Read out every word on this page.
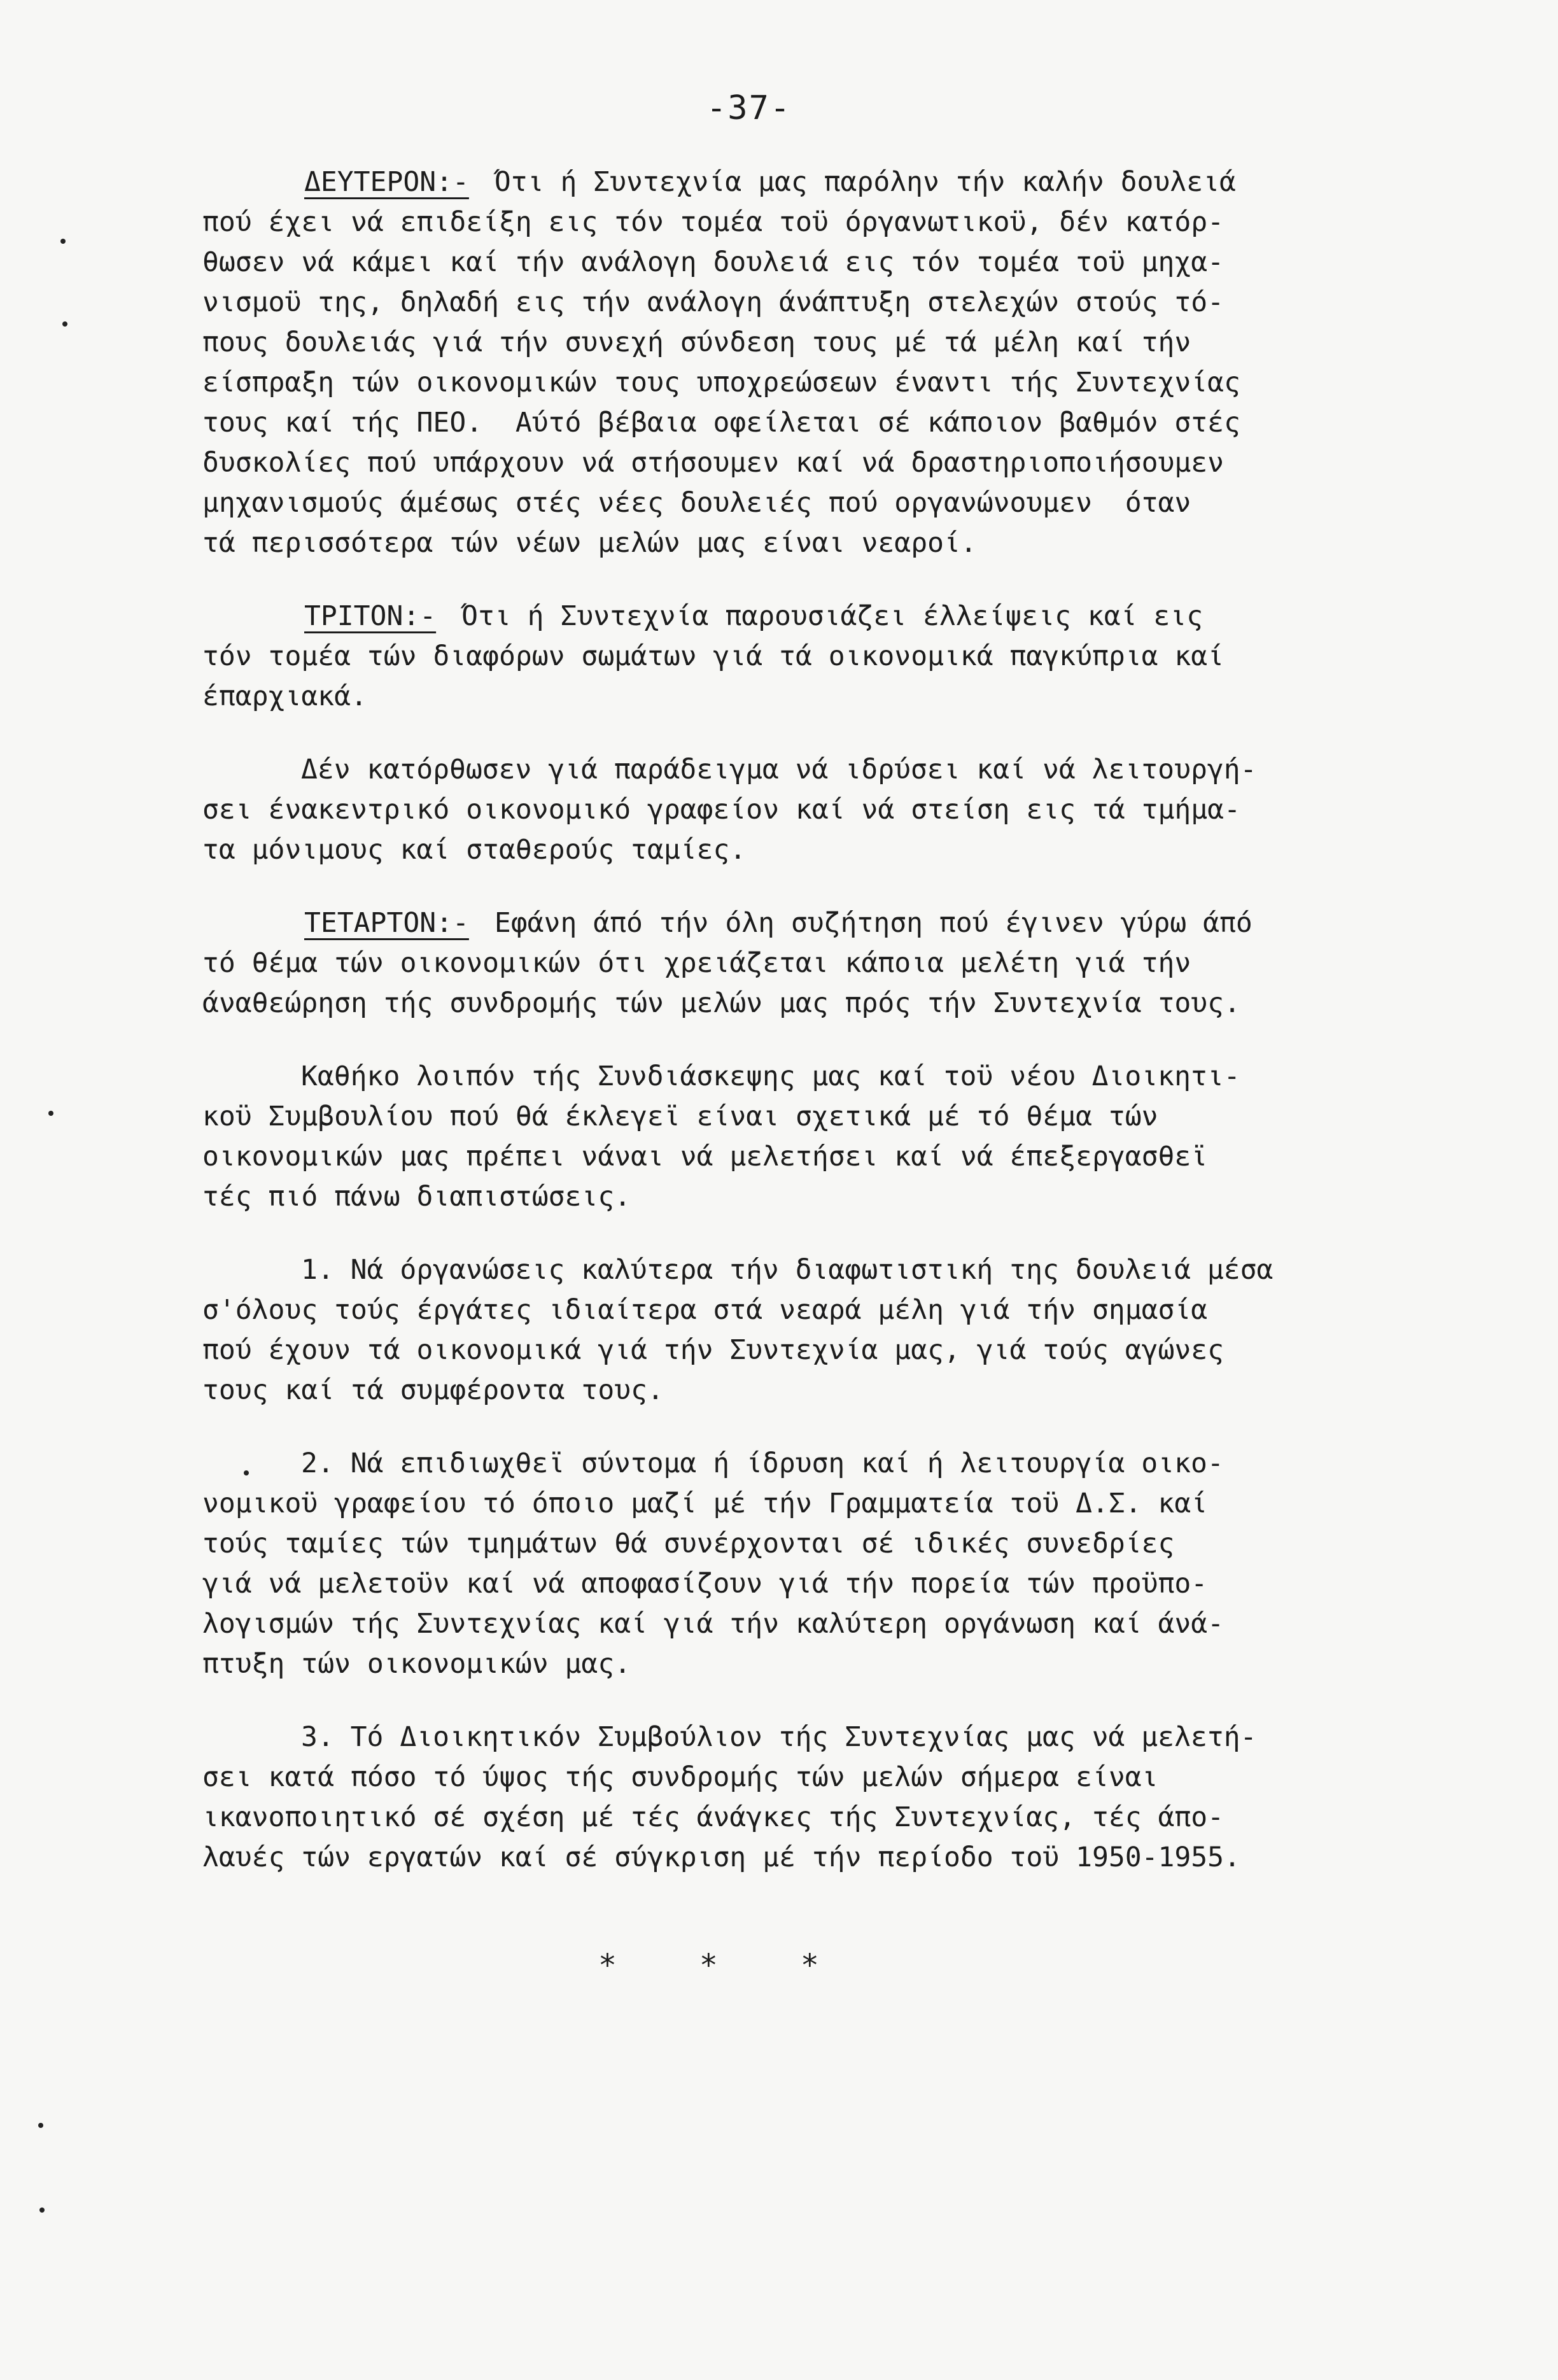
-37-
ΔΕΥΤΕΡΟΝ:- Ότι ή Συντεχνία μας παρόλην τήν καλήν δουλειά

πού έχει νά επιδείξη εις τόν τομέα τοϋ όργανωτικοϋ, δέν κατόρ-

θωσεν νά κάμει καί τήν ανάλογη δουλειά εις τόν τομέα τοϋ μηχα-

νισμοϋ της, δηλαδή εις τήν ανάλογη άνάπτυξη στελεχών στούς τό-

πους δουλειάς γιά τήν συνεχή σύνδεση τους μέ τά μέλη καί τήν

είσπραξη τών οικονομικών τους υποχρεώσεων έναντι τής Συντεχνίας

τους καί τής ΠΕΟ.  Αύτό βέβαια οφείλεται σέ κάποιον βαθμόν στές

δυσκολίες πού υπάρχουν νά στήσουμεν καί νά δραστηριοποιήσουμεν

μηχανισμούς άμέσως στές νέες δουλειές πού οργανώνουμεν  όταν

τά περισσότερα τών νέων μελών μας είναι νεαροί.

ΤΡΙΤΟΝ:- Ότι ή Συντεχνία παρουσιάζει έλλείψεις καί εις

τόν τομέα τών διαφόρων σωμάτων γιά τά οικονομικά παγκύπρια καί

έπαρχιακά.

Δέν κατόρθωσεν γιά παράδειγμα νά ιδρύσει καί νά λειτουργή-

σει ένακεντρικό οικονομικό γραφείον καί νά στείση εις τά τμήμα-

τα μόνιμους καί σταθερούς ταμίες.

ΤΕΤΑΡΤΟΝ:- Εφάνη άπό τήν όλη συζήτηση πού έγινεν γύρω άπό

τό θέμα τών οικονομικών ότι χρειάζεται κάποια μελέτη γιά τήν

άναθεώρηση τής συνδρομής τών μελών μας πρός τήν Συντεχνία τους.

Καθήκο λοιπόν τής Συνδιάσκεψης μας καί τοϋ νέου Διοικητι-

κοϋ Συμβουλίου πού θά έκλεγεϊ είναι σχετικά μέ τό θέμα τών

οικονομικών μας πρέπει νάναι νά μελετήσει καί νά έπεξεργασθεϊ

τές πιό πάνω διαπιστώσεις.

1. Νά όργανώσεις καλύτερα τήν διαφωτιστική της δουλειά μέσα

σ'όλους τούς έργάτες ιδιαίτερα στά νεαρά μέλη γιά τήν σημασία

πού έχουν τά οικονομικά γιά τήν Συντεχνία μας, γιά τούς αγώνες

τους καί τά συμφέροντα τους.

2. Νά επιδιωχθεϊ σύντομα ή ίδρυση καί ή λειτουργία οικο-

νομικοϋ γραφείου τό όποιο μαζί μέ τήν Γραμματεία τοϋ Δ.Σ. καί

τούς ταμίες τών τμημάτων θά συνέρχονται σέ ιδικές συνεδρίες

γιά νά μελετοϋν καί νά αποφασίζουν γιά τήν πορεία τών προϋπο-

λογισμών τής Συντεχνίας καί γιά τήν καλύτερη οργάνωση καί άνά-

πτυξη τών οικονομικών μας.

3. Τό Διοικητικόν Συμβούλιον τής Συντεχνίας μας νά μελετή-

σει κατά πόσο τό ύψος τής συνδρομής τών μελών σήμερα είναι

ικανοποιητικό σέ σχέση μέ τές άνάγκες τής Συντεχνίας, τές άπο-

λαυές τών εργατών καί σέ σύγκριση μέ τήν περίοδο τοϋ 1950-1955.

*	*	*
